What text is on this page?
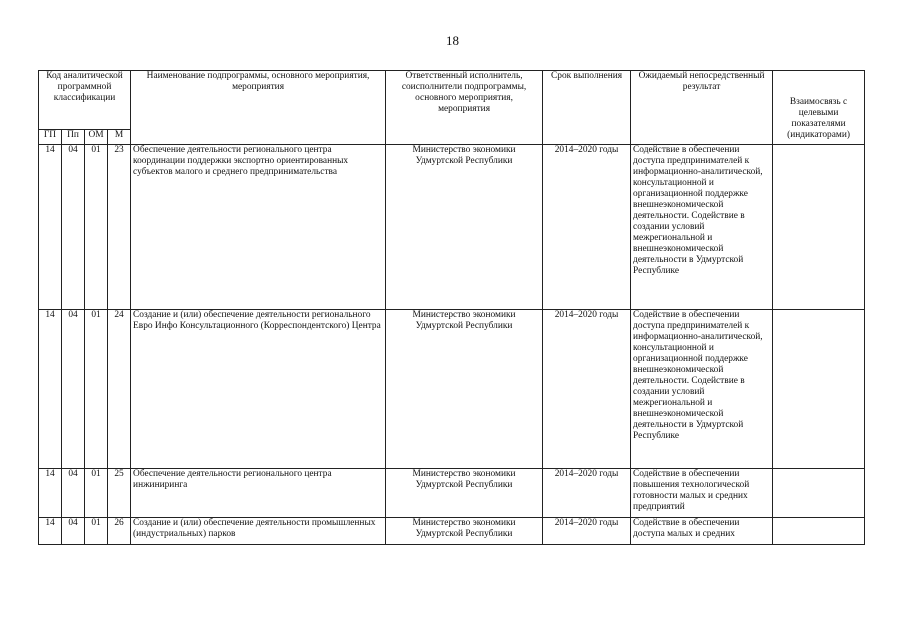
18
Код аналитической программной классификации				Наименование подпрограммы, основного мероприятия, мероприятия	Ответственный исполнитель, соисполнители подпрограммы, основного мероприятия, мероприятия	Срок выполнения	Ожидаемый непосредственный результат	Взаимосвязь с целевыми показателями (индикаторами)
ГП	Пп	ОМ	М					
14	04	01	23	Обеспечение деятельности регионального центра координации поддержки экспортно ориентированных субъектов малого и среднего предпринимательства	Министерство экономики Удмуртской Республики	2014–2020 годы	Содействие в обеспечении доступа предпринимателей к информационно-аналитической, консультационной и организационной поддержке внешнеэкономической деятельности. Содействие в создании условий межрегиональной и внешнеэкономической деятельности в Удмуртской Республике	
14	04	01	24	Создание и (или) обеспечение деятельности регионального Евро Инфо Консультационного (Корреспондентского) Центра	Министерство экономики Удмуртской Республики	2014–2020 годы	Содействие в обеспечении доступа предпринимателей к информационно-аналитической, консультационной и организационной поддержке внешнеэкономической деятельности. Содействие в создании условий межрегиональной и внешнеэкономической деятельности в Удмуртской Республике	
14	04	01	25	Обеспечение деятельности регионального центра инжиниринга	Министерство экономики Удмуртской Республики	2014–2020 годы	Содействие в обеспечении повышения технологической готовности малых и средних предприятий	
14	04	01	26	Создание и (или) обеспечение деятельности промышленных (индустриальных) парков	Министерство экономики Удмуртской Республики	2014–2020 годы	Содействие в обеспечении доступа малых и средних	
